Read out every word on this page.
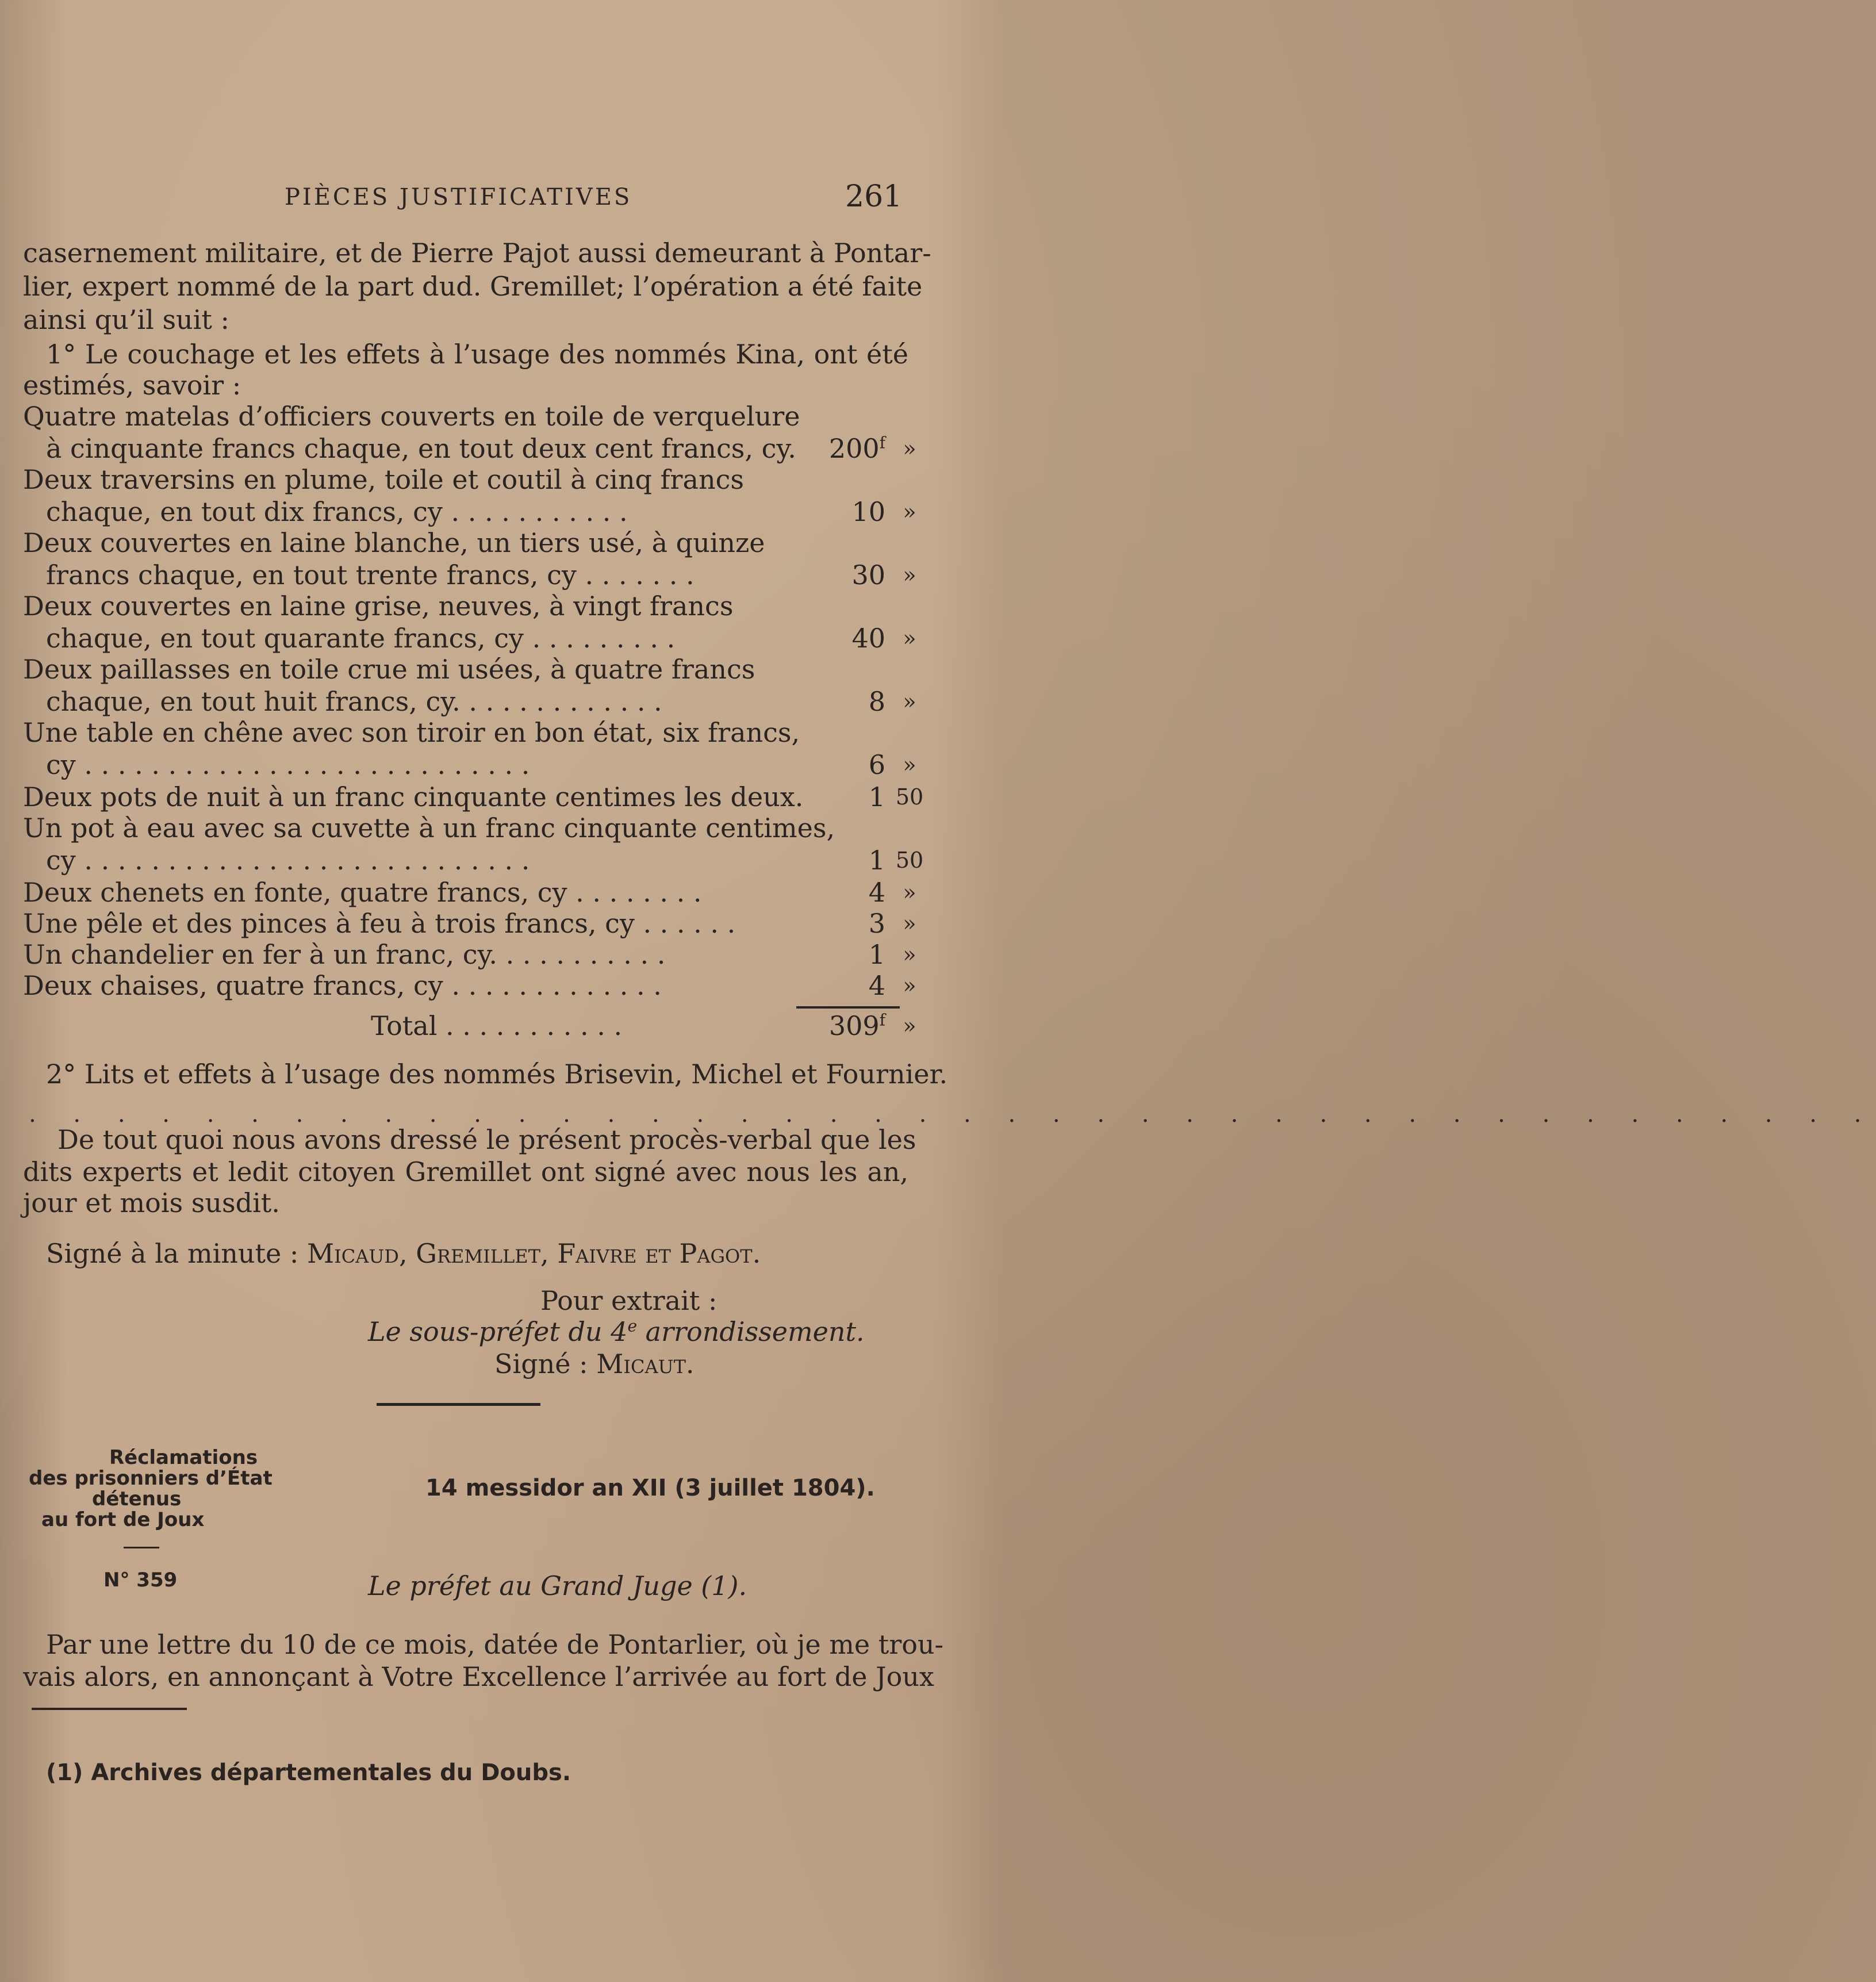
PIÈCES JUSTIFICATIVES	261
casernement militaire, et de Pierre Pajot aussi demeurant à Pontar-
lier, expert nommé de la part dud. Gremillet; l’opération a été faite
ainsi qu’il suit :
1° Le couchage et les effets à l’usage des nommés Kina, ont été
estimés, savoir :
Quatre matelas d’officiers couverts en toile de verquelure
à cinquante francs chaque, en tout deux cent francs, cy.	200$^f$ »
Deux traversins en plume, toile et coutil à cinq francs
chaque, en tout dix francs, cy . . . . . . . . . . .	10 »
Deux couvertes en laine blanche, un tiers usé, à quinze
francs chaque, en tout trente francs, cy . . . . . . .	30 »
Deux couvertes en laine grise, neuves, à vingt francs
chaque, en tout quarante francs, cy . . . . . . . . .	40 »
Deux paillasses en toile crue mi usées, à quatre francs
chaque, en tout huit francs, cy. . . . . . . . . . . . .	8 »
Une table en chêne avec son tiroir en bon état, six francs,
cy . . . . . . . . . . . . . . . . . . . . . . . . . . .	6 »
Deux pots de nuit à un franc cinquante centimes les deux.	1 50
Un pot à eau avec sa cuvette à un franc cinquante centimes,
cy . . . . . . . . . . . . . . . . . . . . . . . . . . .	1 50
Deux chenets en fonte, quatre francs, cy . . . . . . . .	4 »
Une pêle et des pinces à feu à trois francs, cy . . . . . .	3 »
Un chandelier en fer à un franc, cy. . . . . . . . . . .	1 »
Deux chaises, quatre francs, cy . . . . . . . . . . . . .	4 »
Total . . . . . . . . . . .	309$^f$ »
2° Lits et effets à l’usage des nommés Brisevin, Michel et Fournier.
. . . . . . . . . . . . . . . . . . . . . . . . . . . . . . . . . . . . . . . . . .
De tout quoi nous avons dressé le présent procès-verbal que les
dits experts et ledit citoyen Gremillet ont signé avec nous les an,
jour et mois susdit.
Signé à la minute : Micaud, Gremillet, Faivre et Pagot.
Pour extrait :
Le sous-préfet du 4e arrondissement.
Signé : Micaut.
Réclamations
des prisonniers d’État
détenus
au fort de Joux
N° 359
14 messidor an XII (3 juillet 1804).
Le préfet au Grand Juge (1).
Par une lettre du 10 de ce mois, datée de Pontarlier, où je me trou-
vais alors, en annonçant à Votre Excellence l’arrivée au fort de Joux
(1) Archives départementales du Doubs.
